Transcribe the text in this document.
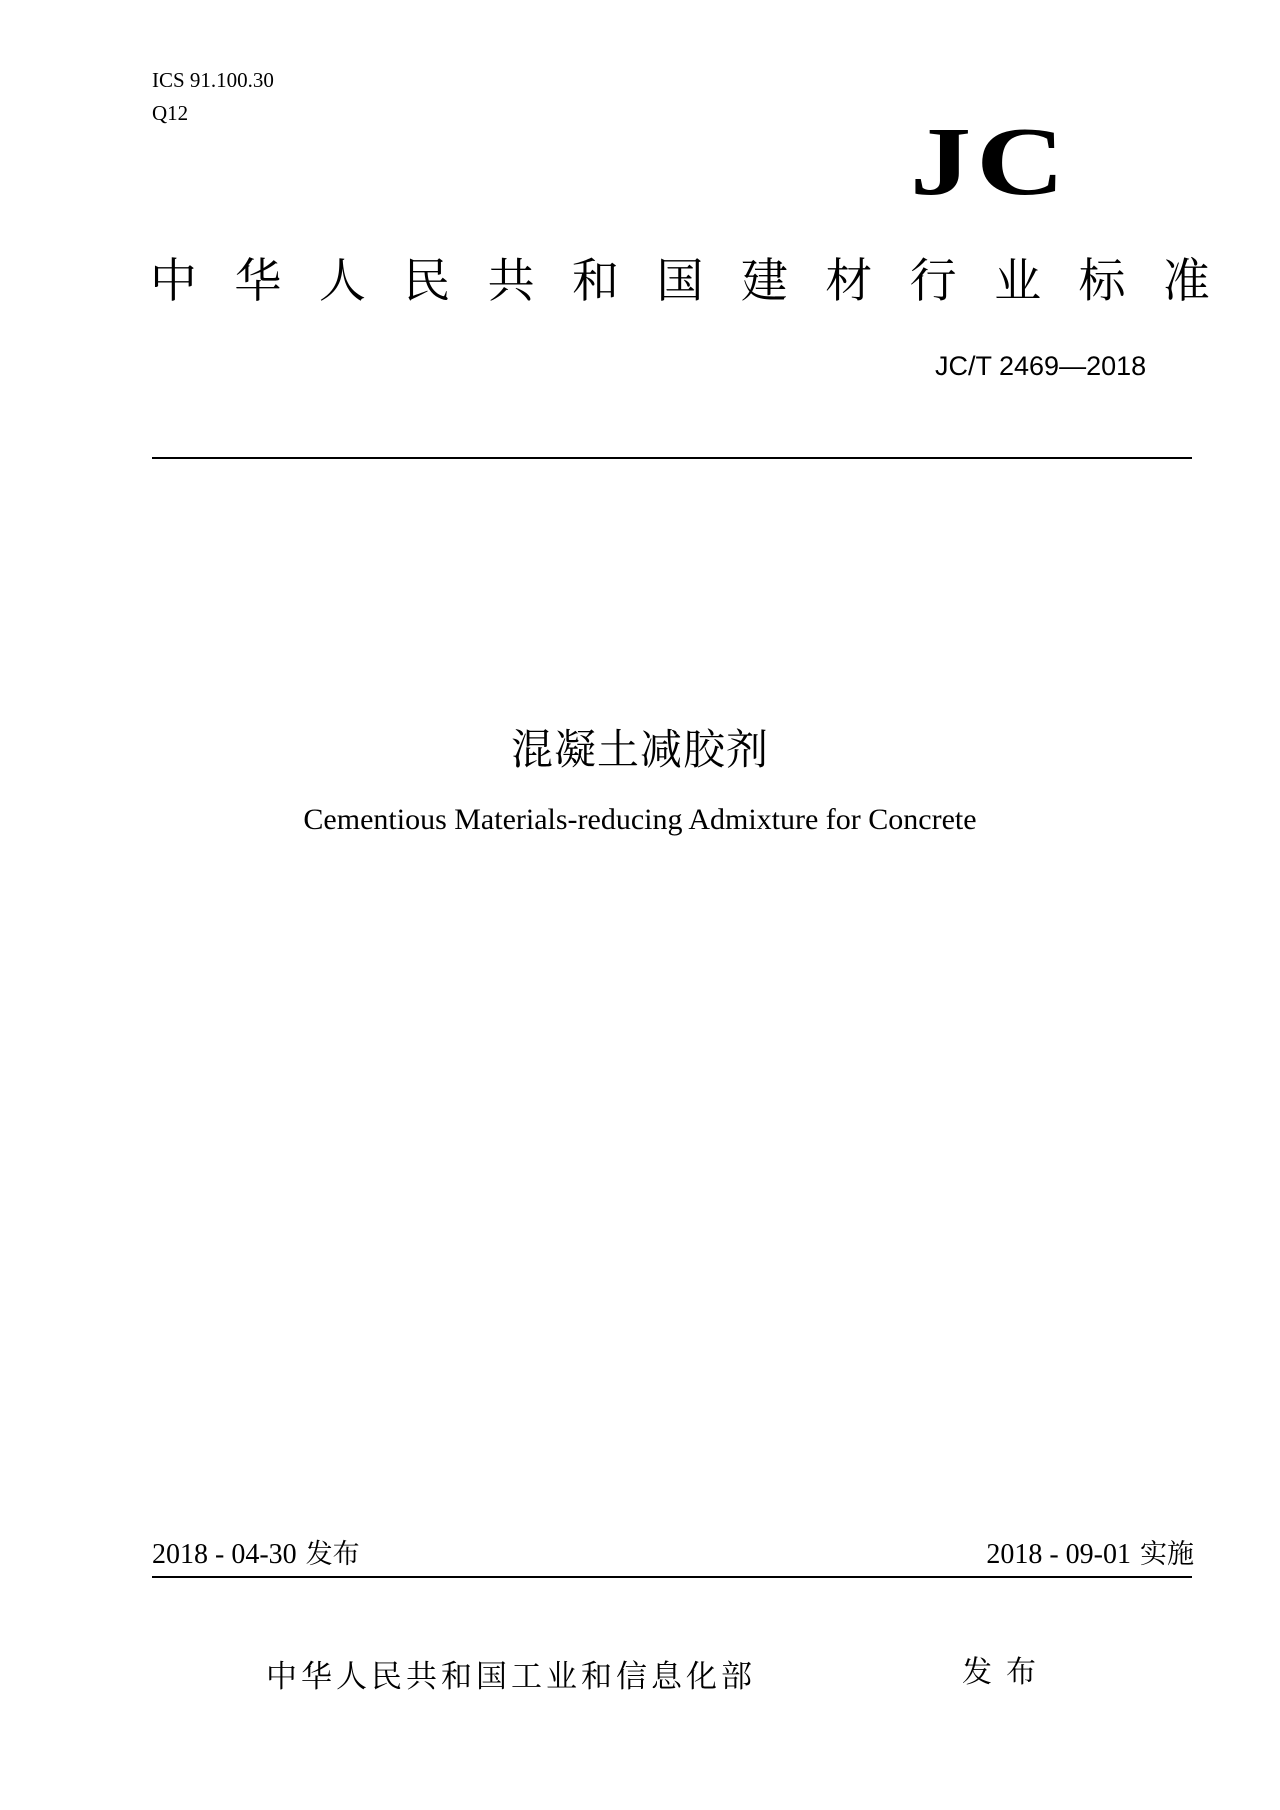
ICS 91.100.30
Q12	JC
中 华 人 民 共 和 国 建 材 行 业 标 准
JC/T 2469—2018
混凝土减胶剂
Cementious Materials-reducing Admixture for Concrete
2018 - 04-30 发布	2018 - 09-01 实施
中华人民共和国工业和信息化部	发布
